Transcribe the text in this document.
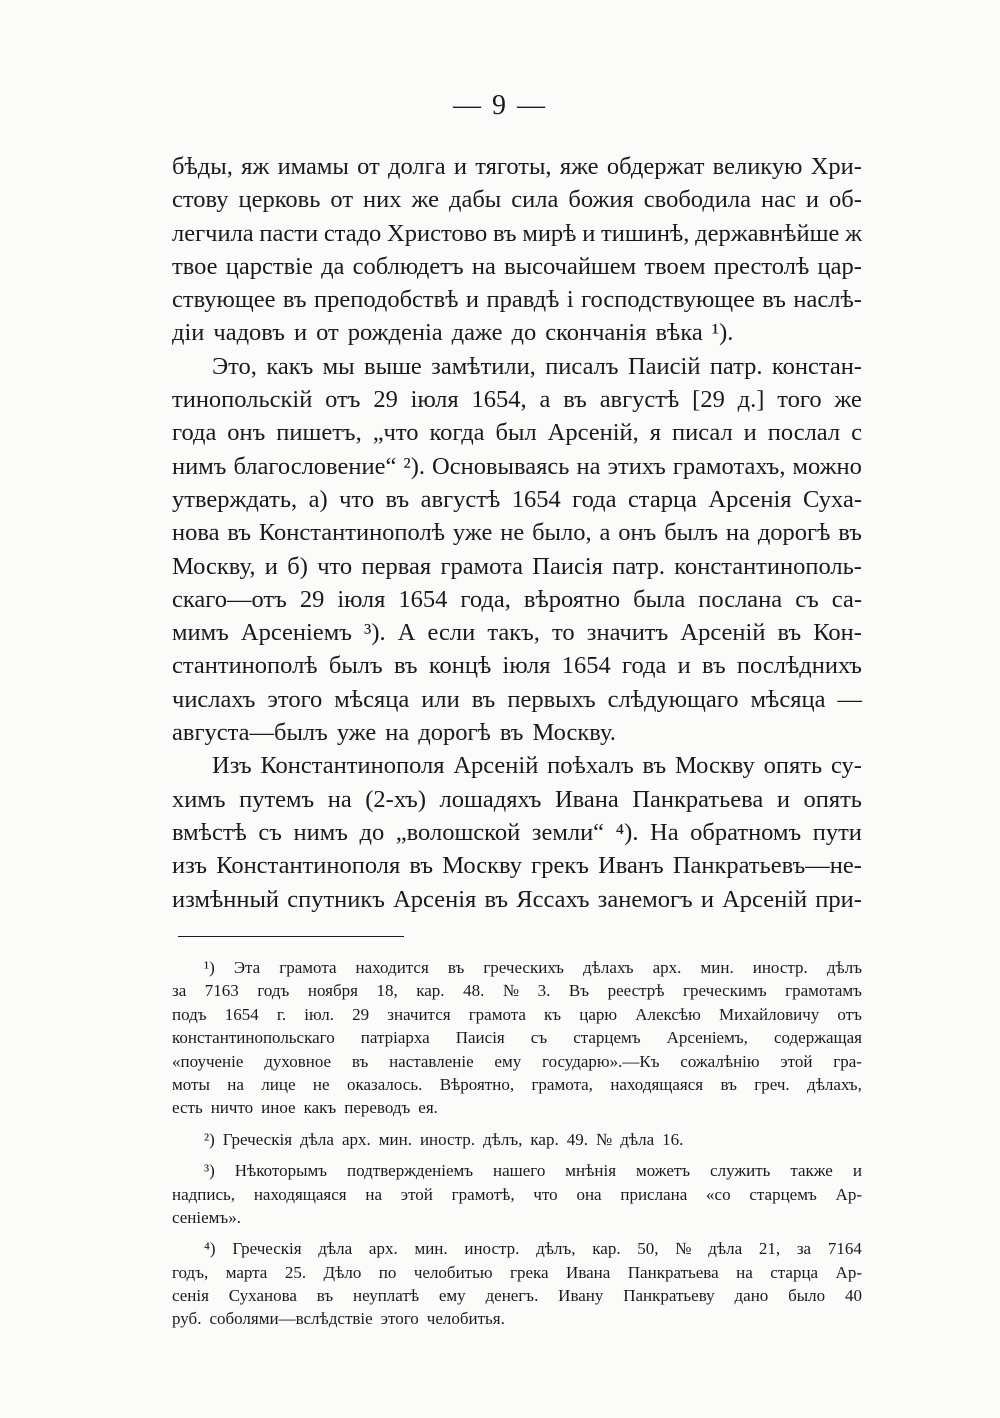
— 9 —
бѣды, яж имамы от долга и тяготы, яже обдержат великую Хри-
стову церковь от них же дабы сила божия свободила нас и об-
легчила пасти стадо Христово въ мирѣ и тишинѣ, державнѣйше ж
твое царствіе да соблюдетъ на высочайшем твоем престолѣ цар-
ствующее въ преподобствѣ и правдѣ і господствующее въ наслѣ-
діи чадовъ и от рожденіа даже до скончанія вѣка ¹).
Это, какъ мы выше замѣтили, писалъ Паисій патр. констан-
тинопольскій отъ 29 іюля 1654, а въ августѣ [29 д.] того же
года онъ пишетъ, „что когда был Арсеній, я писал и послал с
нимъ благословение“ ²). Основываясь на этихъ грамотахъ, можно
утверждать, а) что въ августѣ 1654 года старца Арсенія Суха-
нова въ Константинополѣ уже не было, а онъ былъ на дорогѣ въ
Москву, и б) что первая грамота Паисія патр. константинополь-
скаго—отъ 29 іюля 1654 года, вѣроятно была послана съ са-
мимъ Арсеніемъ ³). А если такъ, то значитъ Арсеній въ Кон-
стантинополѣ былъ въ концѣ іюля 1654 года и въ послѣднихъ
числахъ этого мѣсяца или въ первыхъ слѣдующаго мѣсяца —
августа—былъ уже на дорогѣ въ Москву.
Изъ Константинополя Арсеній поѣхалъ въ Москву опять су-
химъ путемъ на (2-хъ) лошадяхъ Ивана Панкратьева и опять
вмѣстѣ съ нимъ до „волошской земли“ ⁴). На обратномъ пути
изъ Константинополя въ Москву грекъ Иванъ Панкратьевъ—не-
измѣнный спутникъ Арсенія въ Яссахъ занемогъ и Арсеній при-
¹) Эта грамота находится въ греческихъ дѣлахъ арх. мин. иностр. дѣлъ
за 7163 годъ ноября 18, кар. 48. № 3. Въ реестрѣ греческимъ грамотамъ
подъ 1654 г. іюл. 29 значится грамота къ царю Алексѣю Михайловичу отъ
константинопольскаго патріарха Паисія съ старцемъ Арсеніемъ, содержащая
«поученіе духовное въ наставленіе ему государю».—Къ сожалѣнію этой гра-
моты на лице не оказалось. Вѣроятно, грамота, находящаяся въ греч. дѣлахъ,
есть ничто иное какъ переводъ ея.
²) Греческія дѣла арх. мин. иностр. дѣлъ, кар. 49. № дѣла 16.
³) Нѣкоторымъ подтвержденіемъ нашего мнѣнія можетъ служить также и
надпись, находящаяся на этой грамотѣ, что она прислана «со старцемъ Ар-
сеніемъ».
⁴) Греческія дѣла арх. мин. иностр. дѣлъ, кар. 50, № дѣла 21, за 7164
годъ, марта 25. Дѣло по челобитью грека Ивана Панкратьева на старца Ар-
сенія Суханова въ неуплатѣ ему денегъ. Ивану Панкратьеву дано было 40
руб. соболями—вслѣдствіе этого челобитья.
